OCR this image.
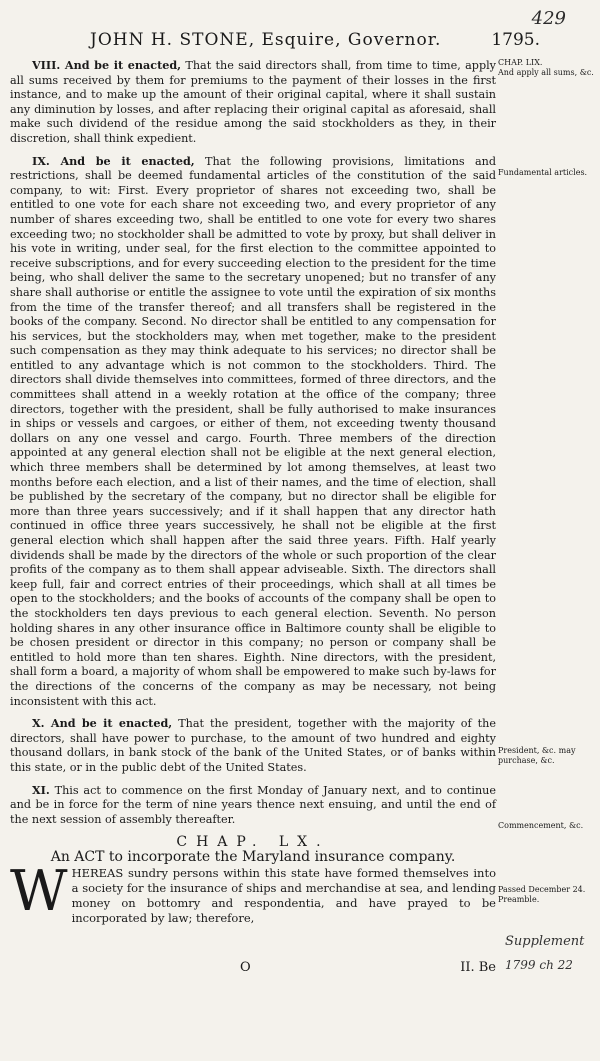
429
JOHN H. STONE, Esquire, Governor.	1795.

VIII. And be it enacted, That the said directors shall, from time to time, apply all sums received by them for premiums to the payment of their losses in the first instance, and to make up the amount of their original capital, where it shall sustain any diminution by losses, and after replacing their original capital as aforesaid, shall make such dividend of the residue among the said stockholders as they, in their discretion, shall think expedient.

IX. And be it enacted, That the following provisions, limitations and restrictions, shall be deemed fundamental articles of the constitution of the said company, to wit: First. Every proprietor of shares not exceeding two, shall be entitled to one vote for each share not exceeding two, and every proprietor of any number of shares exceeding two, shall be entitled to one vote for every two shares exceeding two; no stockholder shall be admitted to vote by proxy, but shall deliver in his vote in writing, under seal, for the first election to the committee appointed to receive subscriptions, and for every succeeding election to the president for the time being, who shall deliver the same to the secretary unopened; but no transfer of any share shall authorise or entitle the assignee to vote until the expiration of six months from the time of the transfer thereof; and all transfers shall be registered in the books of the company. Second. No director shall be entitled to any compensation for his services, but the stockholders may, when met together, make to the president such compensation as they may think adequate to his services; no director shall be entitled to any advantage which is not common to the stockholders. Third. The directors shall divide themselves into committees, formed of three directors, and the committees shall attend in a weekly rotation at the office of the company; three directors, together with the president, shall be fully authorised to make insurances in ships or vessels and cargoes, or either of them, not exceeding twenty thousand dollars on any one vessel and cargo. Fourth. Three members of the direction appointed at any general election shall not be eligible at the next general election, which three members shall be determined by lot among themselves, at least two months before each election, and a list of their names, and the time of election, shall be published by the secretary of the company, but no director shall be eligible for more than three years successively; and if it shall happen that any director hath continued in office three years successively, he shall not be eligible at the first general election which shall happen after the said three years. Fifth. Half yearly dividends shall be made by the directors of the whole or such proportion of the clear profits of the company as to them shall appear adviseable. Sixth. The directors shall keep full, fair and correct entries of their proceedings, which shall at all times be open to the stockholders; and the books of accounts of the company shall be open to the stockholders ten days previous to each general election. Seventh. No person holding shares in any other insurance office in Baltimore county shall be eligible to be chosen president or director in this company; no person or company shall be entitled to hold more than ten shares. Eighth. Nine directors, with the president, shall form a board, a majority of whom shall be empowered to make such by-laws for the directions of the concerns of the company as may be necessary, not being inconsistent with this act.

X. And be it enacted, That the president, together with the majority of the directors, shall have power to purchase, to the amount of two hundred and eighty thousand dollars, in bank stock of the bank of the United States, or of banks within this state, or in the public debt of the United States.

XI. This act to commence on the first Monday of January next, and to continue and be in force for the term of nine years thence next ensuing, and until the end of the next session of assembly thereafter.

CHAP. LX.
An ACT to incorporate the Maryland insurance company.
W HEREAS sundry persons within this state have formed themselves into a society for the insurance of ships and merchandise at sea, and lending money on bottomry and respondentia, and have prayed to be incorporated by law; therefore,

CHAP. LIX.
And apply all sums, &c.
Fundamental articles.
President, &c. may purchase, &c.
Commencement, &c.
Passed December 24. Preamble.
Supplement
1799 ch 22
O	II. Be
